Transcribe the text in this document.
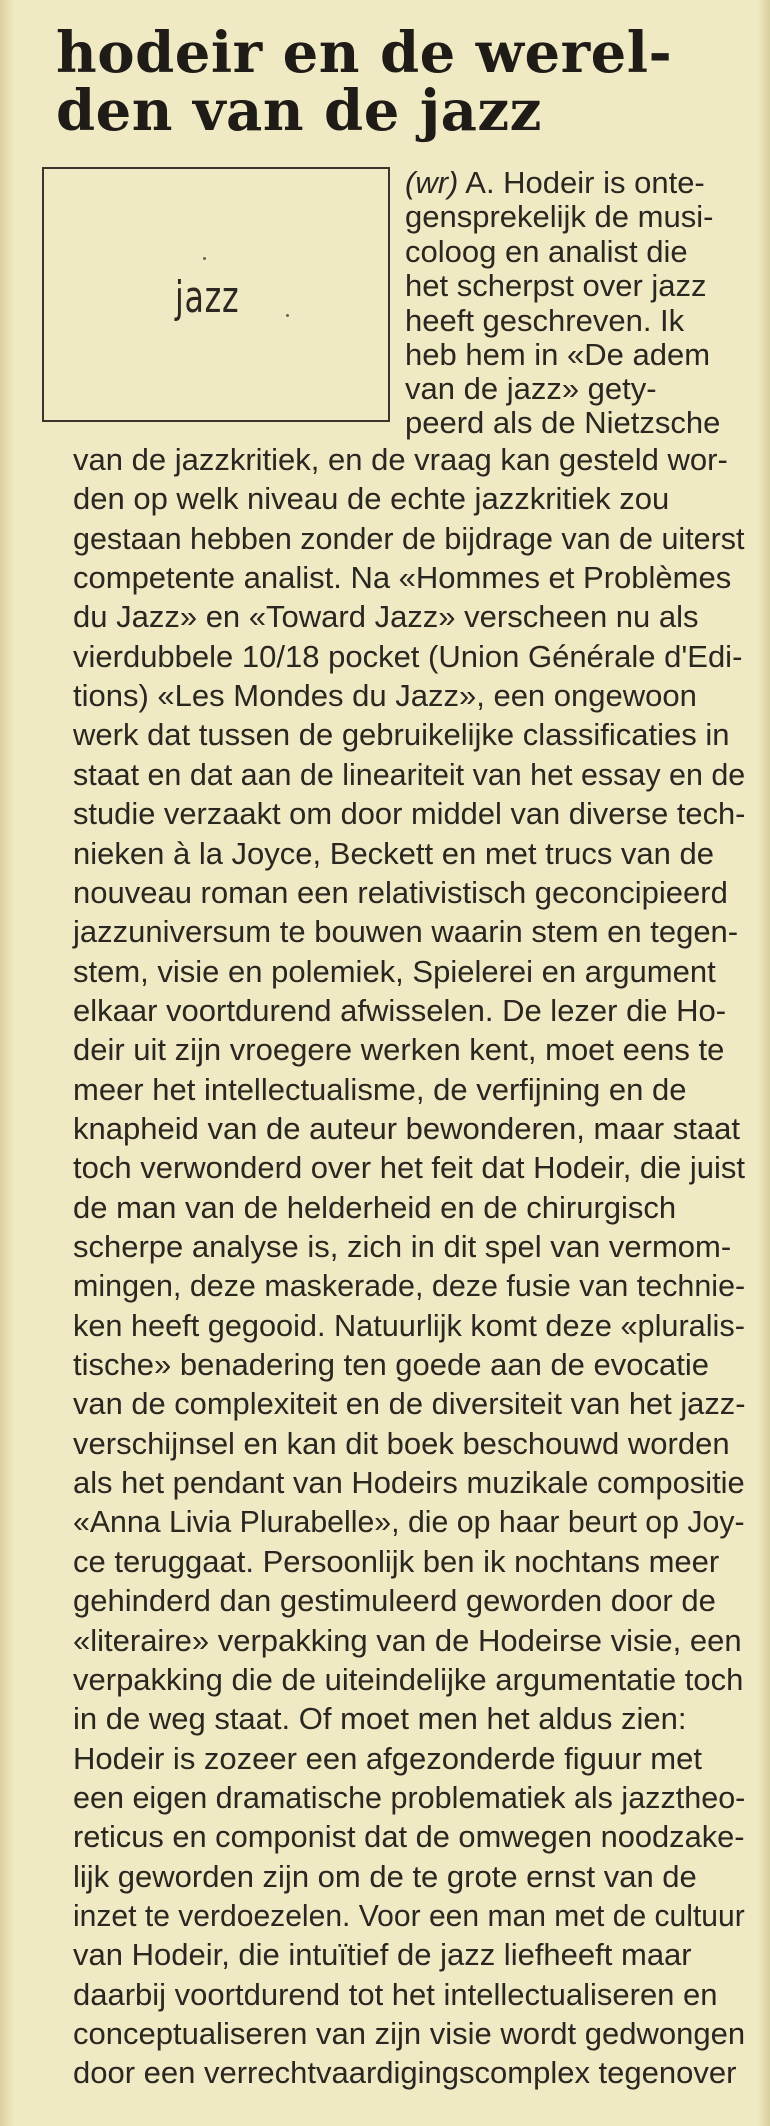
hodeir en de werel-
den van de jazz
jazz
(wr) A. Hodeir is onte-
gensprekelijk de musi-
coloog en analist die
het scherpst over jazz
heeft geschreven. Ik
heb hem in «De adem
van de jazz» gety-
peerd als de Nietzsche
van de jazzkritiek, en de vraag kan gesteld wor-
den op welk niveau de echte jazzkritiek zou
gestaan hebben zonder de bijdrage van de uiterst
competente analist. Na «Hommes et Problèmes
du Jazz» en «Toward Jazz» verscheen nu als
vierdubbele 10/18 pocket (Union Générale d'Edi-
tions) «Les Mondes du Jazz», een ongewoon
werk dat tussen de gebruikelijke classificaties in
staat en dat aan de lineariteit van het essay en de
studie verzaakt om door middel van diverse tech-
nieken à la Joyce, Beckett en met trucs van de
nouveau roman een relativistisch geconcipieerd
jazzuniversum te bouwen waarin stem en tegen-
stem, visie en polemiek, Spielerei en argument
elkaar voortdurend afwisselen. De lezer die Ho-
deir uit zijn vroegere werken kent, moet eens te
meer het intellectualisme, de verfijning en de
knapheid van de auteur bewonderen, maar staat
toch verwonderd over het feit dat Hodeir, die juist
de man van de helderheid en de chirurgisch
scherpe analyse is, zich in dit spel van vermom-
mingen, deze maskerade, deze fusie van technie-
ken heeft gegooid. Natuurlijk komt deze «pluralis-
tische» benadering ten goede aan de evocatie
van de complexiteit en de diversiteit van het jazz-
verschijnsel en kan dit boek beschouwd worden
als het pendant van Hodeirs muzikale compositie
«Anna Livia Plurabelle», die op haar beurt op Joy-
ce teruggaat. Persoonlijk ben ik nochtans meer
gehinderd dan gestimuleerd geworden door de
«literaire» verpakking van de Hodeirse visie, een
verpakking die de uiteindelijke argumentatie toch
in de weg staat. Of moet men het aldus zien:
Hodeir is zozeer een afgezonderde figuur met
een eigen dramatische problematiek als jazztheo-
reticus en componist dat de omwegen noodzake-
lijk geworden zijn om de te grote ernst van de
inzet te verdoezelen. Voor een man met de cultuur
van Hodeir, die intuïtief de jazz liefheeft maar
daarbij voortdurend tot het intellectualiseren en
conceptualiseren van zijn visie wordt gedwongen
door een verrechtvaardigingscomplex tegenover
